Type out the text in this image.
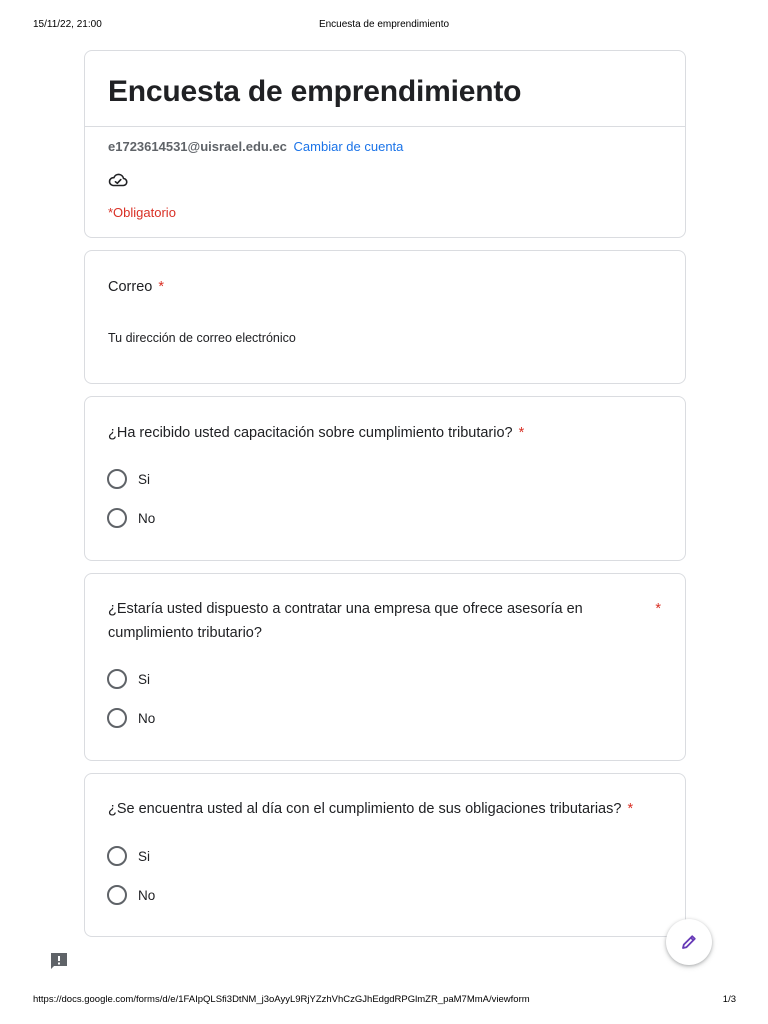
15/11/22, 21:00	Encuesta de emprendimiento
Encuesta de emprendimiento
e1723614531@uisrael.edu.ec Cambiar de cuenta
*Obligatorio
Correo *
Tu dirección de correo electrónico
¿Ha recibido usted capacitación sobre cumplimiento tributario? *
Si
No
¿Estaría usted dispuesto a contratar una empresa que ofrece asesoría en
cumplimiento tributario?
*
Si
No
¿Se encuentra usted al día con el cumplimiento de sus obligaciones tributarias? *
Si
No
https://docs.google.com/forms/d/e/1FAIpQLSfi3DtNM_j3oAyyL9RjYZzhVhCzGJhEdgdRPGlmZR_paM7MmA/viewform	1/3
